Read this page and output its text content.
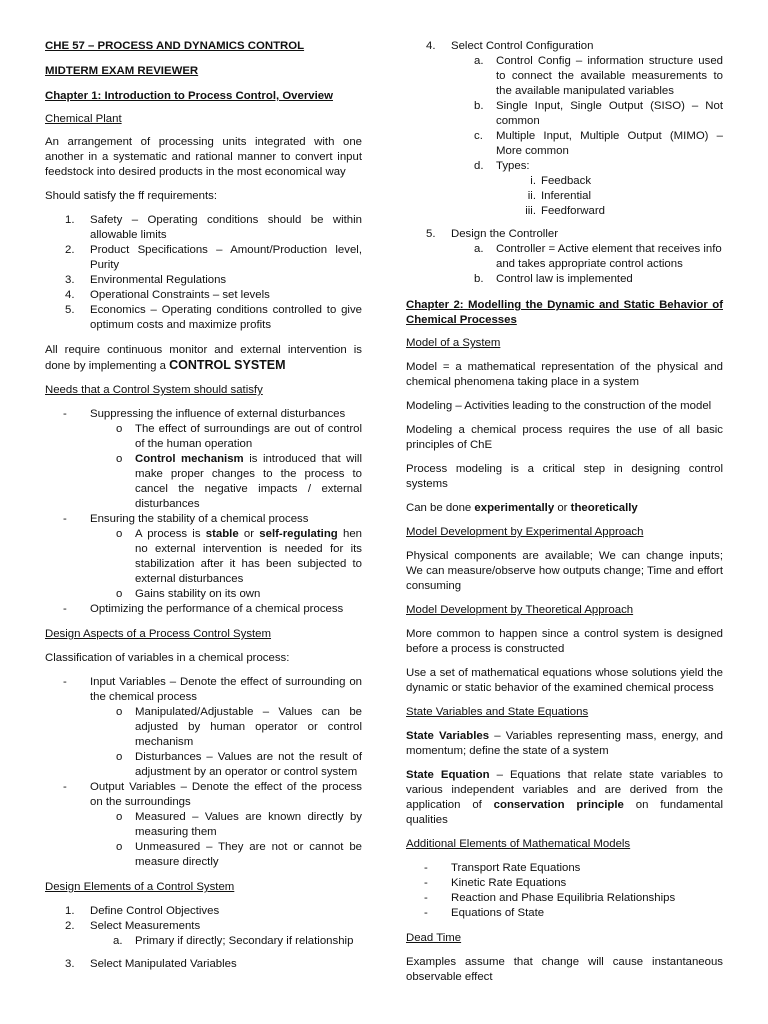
CHE 57 – PROCESS AND DYNAMICS CONTROL

MIDTERM EXAM REVIEWER

Chapter 1: Introduction to Process Control, Overview

Chemical Plant

An arrangement of processing units integrated with one another in a systematic and rational manner to convert input feedstock into desired products in the most economical way

Should satisfy the ff requirements:

1. Safety – Operating conditions should be within allowable limits
2. Product Specifications – Amount/Production level, Purity
3. Environmental Regulations
4. Operational Constraints – set levels
5. Economics – Operating conditions controlled to give optimum costs and maximize profits

All require continuous monitor and external intervention is done by implementing a CONTROL SYSTEM

Needs that a Control System should satisfy

- Suppressing the influence of external disturbances
o The effect of surroundings are out of control of the human operation
o Control mechanism is introduced that will make proper changes to the process to cancel the negative impacts / external disturbances
- Ensuring the stability of a chemical process
o A process is stable or self-regulating hen no external intervention is needed for its stabilization after it has been subjected to external disturbances
o Gains stability on its own
- Optimizing the performance of a chemical process

Design Aspects of a Process Control System

Classification of variables in a chemical process:

- Input Variables – Denote the effect of surrounding on the chemical process
o Manipulated/Adjustable – Values can be adjusted by human operator or control mechanism
o Disturbances – Values are not the result of adjustment by an operator or control system
- Output Variables – Denote the effect of the process on the surroundings
o Measured – Values are known directly by measuring them
o Unmeasured – They are not or cannot be measure directly

Design Elements of a Control System

1. Define Control Objectives
2. Select Measurements
a. Primary if directly; Secondary if relationship
3. Select Manipulated Variables
4. Select Control Configuration
a. Control Config – information structure used to connect the available measurements to the available manipulated variables
b. Single Input, Single Output (SISO) – Not common
c. Multiple Input, Multiple Output (MIMO) – More common
d. Types:
i. Feedback
ii. Inferential
iii. Feedforward
5. Design the Controller
a. Controller = Active element that receives info and takes appropriate control actions
b. Control law is implemented

Chapter 2: Modelling the Dynamic and Static Behavior of Chemical Processes

Model of a System

Model = a mathematical representation of the physical and chemical phenomena taking place in a system

Modeling – Activities leading to the construction of the model

Modeling a chemical process requires the use of all basic principles of ChE

Process modeling is a critical step in designing control systems

Can be done experimentally or theoretically

Model Development by Experimental Approach

Physical components are available; We can change inputs; We can measure/observe how outputs change; Time and effort consuming

Model Development by Theoretical Approach

More common to happen since a control system is designed before a process is constructed

Use a set of mathematical equations whose solutions yield the dynamic or static behavior of the examined chemical process

State Variables and State Equations

State Variables – Variables representing mass, energy, and momentum; define the state of a system

State Equation – Equations that relate state variables to various independent variables and are derived from the application of conservation principle on fundamental qualities

Additional Elements of Mathematical Models

- Transport Rate Equations
- Kinetic Rate Equations
- Reaction and Phase Equilibria Relationships
- Equations of State

Dead Time

Examples assume that change will cause instantaneous observable effect
